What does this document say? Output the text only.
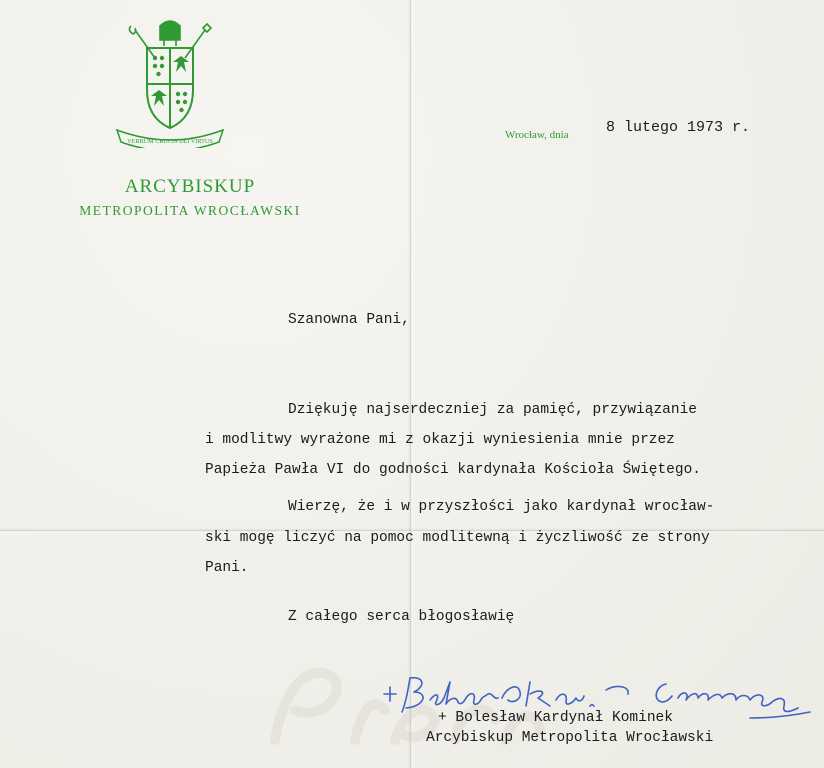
VERBUM CRUCIS DEI VIRTUS
ARCYBISKUP
METROPOLITA WROCŁAWSKI
Wrocław, dnia 8 lutego 1973 r.
Szanowna Pani,
Dziękuję najserdeczniej za pamięć, przywiązanie
i modlitwy wyrażone mi z okazji wyniesienia mnie przez
Papieża Pawła VI do godności kardynała Kościoła Świętego.
Wierzę, że i w przyszłości jako kardynał wrocław-
ski mogę liczyć na pomoc modlitewną i życzliwość ze strony
Pani.
Z całego serca błogosławię
+ Bolesław Kardynał Kominek
Arcybiskup Metropolita Wrocławski
